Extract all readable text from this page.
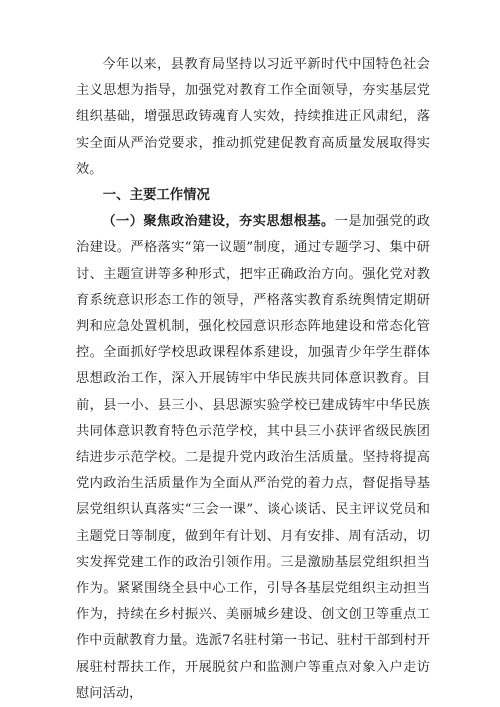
今年以来，县教育局坚持以习近平新时代中国特色社会主义思想为指导，加强党对教育工作全面领导，夯实基层党组织基础，增强思政铸魂育人实效，持续推进正风肃纪，落实全面从严治党要求，推动抓党建促教育高质量发展取得实效。

一、主要工作情况

（一）聚焦政治建设，夯实思想根基。一是加强党的政治建设。严格落实“第一议题”制度，通过专题学习、集中研讨、主题宣讲等多种形式，把牢正确政治方向。强化党对教育系统意识形态工作的领导，严格落实教育系统舆情定期研判和应急处置机制，强化校园意识形态阵地建设和常态化管控。全面抓好学校思政课程体系建设，加强青少年学生群体思想政治工作，深入开展铸牢中华民族共同体意识教育。目前，县一小、县三小、县思源实验学校已建成铸牢中华民族共同体意识教育特色示范学校，其中县三小获评省级民族团结进步示范学校。二是提升党内政治生活质量。坚持将提高党内政治生活质量作为全面从严治党的着力点，督促指导基层党组织认真落实“三会一课”、谈心谈话、民主评议党员和主题党日等制度，做到年有计划、月有安排、周有活动，切实发挥党建工作的政治引领作用。三是激励基层党组织担当作为。紧紧围绕全县中心工作，引导各基层党组织主动担当作为，持续在乡村振兴、美丽城乡建设、创文创卫等重点工作中贡献教育力量。选派7名驻村第一书记、驻村干部到村开展驻村帮扶工作，开展脱贫户和监测户等重点对象入户走访慰问活动，
